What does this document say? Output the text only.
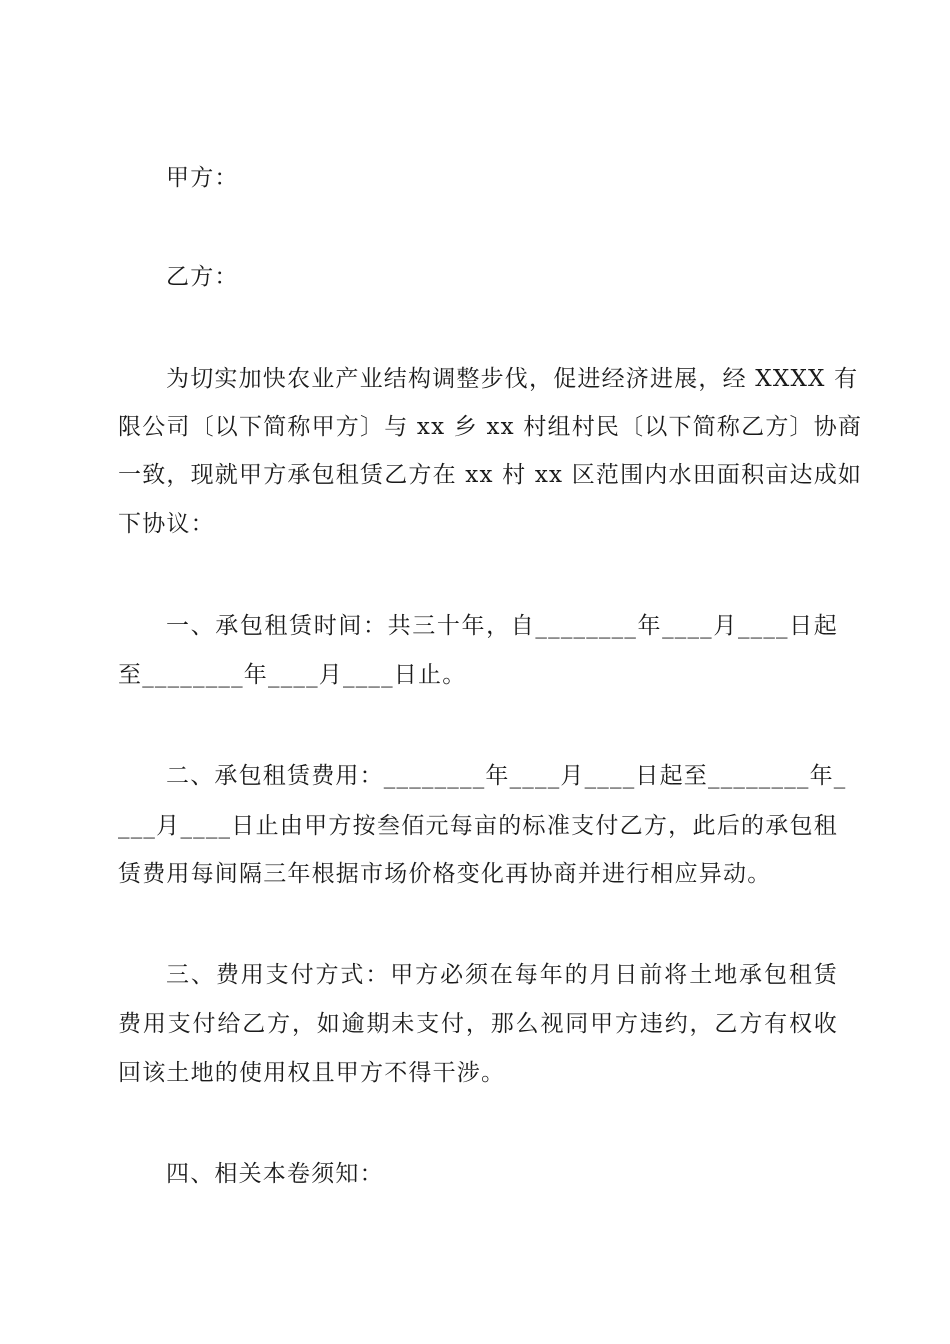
甲方：
乙方：
为切实加快农业产业结构调整步伐，促进经济进展，经 XXXX 有
限公司〔以下简称甲方〕与 xx 乡 xx 村组村民〔以下简称乙方〕协商
一致，现就甲方承包租赁乙方在 xx 村 xx 区范围内水田面积亩达成如
下协议：
一、承包租赁时间：共三十年，自________年____月____日起
至________年____月____日止。
二、承包租赁费用：________年____月____日起至________年_
___月____日止由甲方按叁佰元每亩的标准支付乙方，此后的承包租
赁费用每间隔三年根据市场价格变化再协商并进行相应异动。
三、费用支付方式：甲方必须在每年的月日前将土地承包租赁
费用支付给乙方，如逾期未支付，那么视同甲方违约，乙方有权收
回该土地的使用权且甲方不得干涉。
四、相关本卷须知：
